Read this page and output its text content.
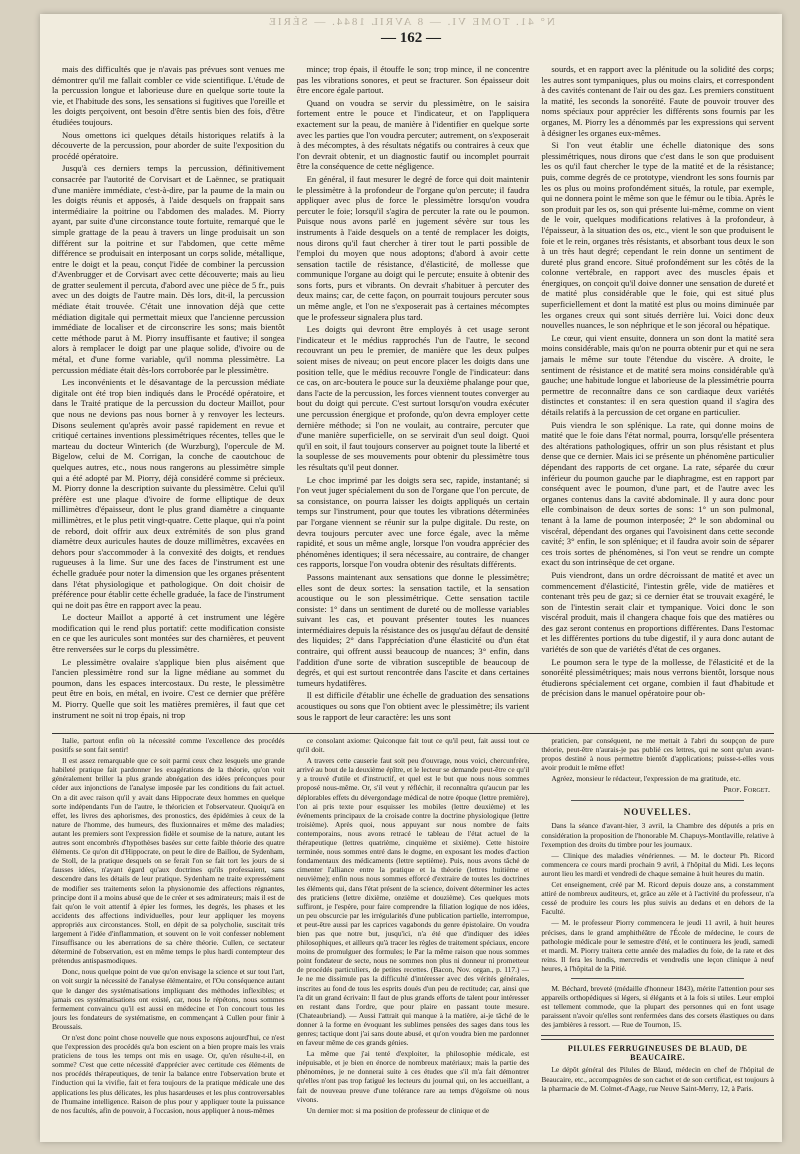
N° 41. TOME VI. — 8 AVRIL 1844. — SÉRIE
— 162 —

mais des difficultés que je n'avais pas prévues sont venues me démontrer qu'il me fallait combler ce vide scientifique. L'étude de la percussion longue et laborieuse dure en quelque sorte toute la vie, et l'habitude des sons, les sensations si fugitives que l'oreille et les doigts perçoivent, ont besoin d'être sentis bien des fois, d'être étudiées toujours.

Nous omettons ici quelques détails historiques relatifs à la découverte de la percussion, pour aborder de suite l'exposition du procédé opératoire.

Jusqu'à ces derniers temps la percussion, définitivement consacrée par l'autorité de Corvisart et de Laënnec, se pratiquait d'une manière immédiate, c'est-à-dire, par la paume de la main ou les doigts réunis et apposés, à l'aide desquels on frappait sans intermédiaire la poitrine ou l'abdomen des malades. M. Piorry ayant, par suite d'une circonstance toute fortuite, remarqué que le simple grattage de la peau à travers un linge produisait un son différent sur la poitrine et sur l'abdomen, que cette même différence se produisait en interposant un corps solide, métallique, entre le doigt et la peau, conçut l'idée de combiner la percussion d'Avenbrugger et de Corvisart avec cette découverte; mais au lieu de gratter seulement il percuta, d'abord avec une pièce de 5 fr., puis avec un des doigts de l'autre main. Dès lors, dit-il, la percussion médiate était trouvée. C'était une innovation déjà que cette médiation digitale qui permettait mieux que l'ancienne percussion immédiate de localiser et de circonscrire les sons; mais bientôt cette méthode parut à M. Piorry insuffisante et fautive; il songea alors à remplacer le doigt par une plaque solide, d'ivoire ou de métal, et d'une forme variable, qu'il nomma plessimètre. La percussion médiate était dès-lors corroborée par le plessimètre.

Les inconvénients et le désavantage de la percussion médiate digitale ont été trop bien indiqués dans le Procédé opératoire, et dans le Traité pratique de la percussion du docteur Maillot, pour que nous ne devions pas nous borner à y renvoyer les lecteurs. Disons seulement qu'après avoir passé rapidement en revue et critiqué certaines inventions plessimétriques récentes, telles que le marteau du docteur Winterich (de Wurzburg), l'opercule de M. Bigelow, celui de M. Corrigan, la conche de caoutchouc de quelques autres, etc., nous nous rangerons au plessimètre simple qui a été adopté par M. Piorry, déjà considéré comme si précieux. M. Piorry donne la description suivante du plessimètre. Celui qu'il préfère est une plaque d'ivoire de forme elliptique de deux millimètres d'épaisseur, dont le plus grand diamètre a cinquante millimètres, et le plus petit vingt-quatre. Cette plaque, qui n'a point de rebord, doit offrir aux deux extrémités de son plus grand diamètre deux auricules hautes de douze millimètres, excavées en dehors pour s'accommoder à la convexité des doigts, et rendues rugueuses à la lime. Sur une des faces de l'instrument est une échelle graduée pour noter la dimension que les organes présentent dans l'état physiologique et pathologique. On doit choisir de préférence pour établir cette échelle graduée, la face de l'instrument qui ne doit pas être en rapport avec la peau.

Le docteur Maillot a apporté à cet instrument une légère modification qui le rend plus portatif: cette modification consiste en ce que les auricules sont montées sur des charnières, et peuvent être renversées sur le corps du plessimètre.

Le plessimètre ovalaire s'applique bien plus aisément que l'ancien plessimètre rond sur la ligne médiane au sommet du poumon, dans les espaces intercostaux. Du reste, le plessimètre peut être en bois, en métal, en ivoire. C'est ce dernier que préfère M. Piorry. Quelle que soit les matières premières, il faut que cet instrument ne soit ni trop épais, ni trop

mince; trop épais, il étouffe le son; trop mince, il ne concentre pas les vibrations sonores, et peut se fracturer. Son épaisseur doit être encore égale partout.

Quand on voudra se servir du plessimètre, on le saisira fortement entre le pouce et l'indicateur, et on l'appliquera exactement sur la peau, de manière à l'identifier en quelque sorte avec les parties que l'on voudra percuter; autrement, on s'exposerait à des mécomptes, à des résultats négatifs ou contraires à ceux que l'on devrait obtenir, et un diagnostic fautif ou incomplet pourrait être la conséquence de cette négligence.

En général, il faut mesurer le degré de force qui doit maintenir le plessimètre à la profondeur de l'organe qu'on percute; il faudra appliquer avec plus de force le plessimètre lorsqu'on voudra percuter le foie; lorsqu'il s'agira de percuter la rate ou le poumon. Puisque nous avons parlé en jugement sévère sur tous les instruments à l'aide desquels on a tenté de remplacer les doigts, nous dirons qu'il faut chercher à tirer tout le parti possible de l'emploi du moyen que nous adoptons; d'abord à avoir cette sensation tactile de résistance, d'élasticité, de mollesse que communique l'organe au doigt qui le percute; ensuite à obtenir des sons forts, purs et vibrants. On devrait s'habituer à percuter des deux mains; car, de cette façon, on pourrait toujours percuter sous un même angle, et l'on ne s'exposerait pas à certaines mécomptes que le professeur signalera plus tard.

Les doigts qui devront être employés à cet usage seront l'indicateur et le médius rapprochés l'un de l'autre, le second recouvrant un peu le premier, de manière que les deux pulpes soient mises de niveau; on peut encore placer les doigts dans une position telle, que le médius recouvre l'ongle de l'indicateur: dans ce cas, on arc-boutera le pouce sur la deuxième phalange pour que, dans l'acte de la percussion, les forces viennent toutes converger au bout du doigt qui percute. C'est surtout lorsqu'on voudra exécuter une percussion énergique et profonde, qu'on devra employer cette dernière méthode; si l'on ne voulait, au contraire, percuter que d'une manière superficielle, on se servirait d'un seul doigt. Quoi qu'il en soit, il faut toujours conserver au poignet toute la liberté et la souplesse de ses mouvements pour obtenir du plessimètre tous les résultats qu'il peut donner.

Le choc imprimé par les doigts sera sec, rapide, instantané; si l'on veut juger spécialement du son de l'organe que l'on percute, de sa consistance, on pourra laisser les doigts appliqués un certain temps sur l'instrument, pour que toutes les vibrations déterminées par l'organe viennent se réunir sur la pulpe digitale. Du reste, on devra toujours percuter avec une force égale, avec la même rapidité, et sous un même angle, lorsque l'on voudra apprécier des phénomènes identiques; il sera nécessaire, au contraire, de changer ces rapports, lorsque l'on voudra obtenir des résultats différents.

Passons maintenant aux sensations que donne le plessimètre; elles sont de deux sortes: la sensation tactile, et la sensation acoustique ou le son plessimétrique. Cette sensation tactile consiste: 1° dans un sentiment de dureté ou de mollesse variables suivant les cas, et pouvant présenter toutes les nuances intermédiaires depuis la résistance des os jusqu'au défaut de densité des liquides; 2° dans l'appréciation d'une élasticité ou d'un état contraire, qui offrent aussi beaucoup de nuances; 3° enfin, dans l'addition d'une sorte de vibration susceptible de beaucoup de degrés, et qui est surtout rencontrée dans l'ascite et dans certaines tumeurs hydatifères.

Il est difficile d'établir une échelle de graduation des sensations acoustiques ou sons que l'on obtient avec le plessimètre; ils varient sous le rapport de leur caractère: les uns sont

sourds, et en rapport avec la plénitude ou la solidité des corps; les autres sont tympaniques, plus ou moins clairs, et correspondent à des cavités contenant de l'air ou des gaz. Les premiers constituent la matité, les seconds la sonoréité. Faute de pouvoir trouver des noms spéciaux pour apprécier les différents sons fournis par les organes, M. Piorry les a dénommés par les expressions qui servent à désigner les organes eux-mêmes.

Si l'on veut établir une échelle diatonique des sons plessimétriques, nous dirons que c'est dans le son que produisent les os qu'il faut chercher le type de la matité et de la résistance; puis, comme degrés de ce prototype, viendront les sons fournis par les os plus ou moins profondément situés, la rotule, par exemple, qui ne donnera point le même son que le fémur ou le tibia. Après le son produit par les os, son qui présente lui-même, comme on vient de le voir, quelques modifications relatives à la profondeur, à l'épaisseur, à la situation des os, etc., vient le son que produisent le foie et le rein, organes très résistants, et absorbant tous deux le son à un très haut degré; cependant le rein donne un sentiment de dureté plus grand encore. Situé profondément sur les côtés de la colonne vertébrale, en rapport avec des muscles épais et énergiques, on conçoit qu'il doive donner une sensation de dureté et de matité plus considérable que le foie, qui est situé plus superficiellement et dont la matité est plus ou moins diminuée par les organes creux qui sont situés derrière lui. Voici donc deux nouvelles nuances, le son néphrique et le son jécoral ou hépatique.

Le cœur, qui vient ensuite, donnera un son dont la matité sera moins considérable, mais qu'on ne pourra obtenir pur et qui ne sera jamais le même sur toute l'étendue du viscère. A droite, le sentiment de résistance et de matité sera moins considérable qu'à gauche; une habitude longue et laborieuse de la plessimétrie pourra permettre de reconnaître dans ce son cardiaque deux variétés distinctes et constantes: il en sera question quand il s'agira des détails relatifs à la percussion de cet organe en particulier.

Puis viendra le son splénique. La rate, qui donne moins de matité que le foie dans l'état normal, pourra, lorsqu'elle présentera des altérations pathologiques, offrir un son plus résistant et plus dense que ce dernier. Mais ici se présente un phénomène particulier dépendant des rapports de cet organe. La rate, séparée du cœur inférieur du poumon gauche par le diaphragme, est en rapport par conséquent avec le poumon, d'une part, et de l'autre avec les organes contenus dans la cavité abdominale. Il y aura donc pour elle combinaison de deux sortes de sons: 1° un son pulmonal, tenant à la lame de poumon interposée; 2° le son abdominal ou viscéral, dépendant des organes qui l'avoisinent dans cette seconde cavité; 3° enfin, le son splénique; et il faudra avoir soin de séparer ces trois sortes de phénomènes, si l'on veut se rendre un compte exact du son intrinsèque de cet organe.

Puis viendront, dans un ordre décroissant de matité et avec un commencement d'élasticité, l'intestin grêle, vide de matières et contenant très peu de gaz; si ce dernier état se trouvait exagéré, le son de l'intestin serait clair et tympanique. Voici donc le son viscéral produit, mais il changera chaque fois que des matières ou des gaz seront contenus en proportions différentes. Dans l'estomac et les différentes portions du tube digestif, il y aura donc autant de variétés de son que de variétés d'état de ces organes.

Le poumon sera le type de la mollesse, de l'élasticité et de la sonoréité plessimétriques; mais nous verrons bientôt, lorsque nous étudierons spécialement cet organe, combien il faut d'habitude et de précision dans le manuel opératoire pour ob-

Italie, partout enfin où la nécessité comme l'excellence des procédés positifs se sont fait sentir!

Il est assez remarquable que ce soit parmi ceux chez lesquels une grande habileté pratique fait pardonner les exagérations de la théorie, qu'on voit généralement briller la plus grande abnégation des idées préconçues pour céder aux injonctions de l'analyse imposée par les conditions du fait actuel. On a dit avec raison qu'il y avait dans Hippocrate deux hommes en quelque sorte indépendants l'un de l'autre, le théoricien et l'observateur. Quoiqu'à en effet, les livres des aphorismes, des pronostics, des épidémies à ceux de la nature de l'homme, des humeurs, des fluxionnaires et même des maladies; autant les premiers sont l'expression fidèle et soumise de la nature, autant les autres sont encombrés d'hypothèses basées sur cette faible théorie des quatre éléments. Ce qu'on dit d'Hippocrate, on peut le dire de Baillou, de Sydenham, de Stoll, de la pratique desquels on se ferait l'on se fait tort les jours de si fausses idées, n'ayant égard qu'aux doctrines qu'ils professaient, sans descendre dans les détails de leur pratique. Sydenham ne traite expressément de modifier ses traitements selon la physionomie des affections régnantes, principe dont il a moins abusé que de le créer et ses admirateurs; mais il est de fait qu'on le voit attentif à épier les formes, les degrés, les phases et les accidents des affections individuelles, pour leur appliquer les moyens appropriés aux circonstances. Stoll, en dépit de sa polycholie, suscitait très largement à l'idée d'inflammation, et souvent on le voit confesser noblement l'insuffisance ou les aberrations de sa chère théorie. Cullen, ce sectateur déterminé de l'observation, est en même temps le plus hardi contempteur des prétendus antispasmodiques.

Donc, nous quelque point de vue qu'on envisage la science et sur tout l'art, on voit surgir la nécessité de l'analyse élémentaire, et l'Ou conséquence autant que le danger des systématisations impliquant des méthodes inflexibles; et jamais ces systématisations ont existé, car, nous le répétons, nous sommes fermement convaincu qu'il est aussi en médecine et l'on concourt tous les jours les fondateurs de systématisme, en commençant à Cullen pour finir à Broussais.

Or n'est donc point chose nouvelle que nous exposons aujourd'hui, ce n'est que l'expression des procédés qu'a bon escient on a bien propre mais les vrais praticiens de tous les temps ont mis en usage. Or, qu'en résulte-t-il, en somme? C'est que cette nécessité d'apprécier avec certitude ces éléments de nos procédés thérapeutiques, de tenir la balance entre l'observation brute et l'induction qui la vivifie, fait et fera toujours de la pratique médicale une des applications les plus délicates, les plus hasardeuses et les plus controversables de l'humaine intelligence. Raison de plus pour y appliquer toute la puissance de nos facultés, afin de pouvoir, à l'occasion, nous appliquer à nous-mêmes

ce consolant axiome: Quiconque fait tout ce qu'il peut, fait aussi tout ce qu'il doit.

A travers cette causerie faut soit peu d'ouvrage, nous voici, chercunfrère, arrivé au bout de la deuxième épître, et le lecteur se demande peut-être ce qu'il y a trouvé d'utile et d'instructif, et quel est le but que nous nous sommes proposé nous-même. Or, s'il veut y réfléchir, il reconnaîtra qu'aucun par les déplorables effets du dévergondage médical de notre époque (lettre première), l'on ai pris texte pour esquisser les mobiles (lettre deuxième) et les événements principaux de la croisade contre la doctrine physiologique (lettre troisième). Après quoi, nous appuyant sur nous nombre de faits contemporains, nous avons retracé le tableau de l'état actuel de la thérapeutique (lettres quatrième, cinquième et sixième). Cette histoire terminée, nous sommes entré dans le dogme, en exposant les modes d'action fondamentaux des médicaments (lettre septième). Puis, nous avons tâché de cimenter l'alliance entre la pratique et la théorie (lettres huitième et neuvième); enfin nous nous sommes efforcé d'extraire de toutes les doctrines les éléments qui, dans l'état présent de la science, doivent déterminer les actes des praticiens (lettre dixième, onzième et douzième). Ces quelques mots suffiront, je l'espère, pour faire comprendre la filiation logique de nos idées, un peu obscurcie par les irrégularités d'une publication partielle, interrompue, et peut-être aussi par les caprices vagabonds du genre épistolaire. On voudra bien pas que notre but, jusqu'ici, n'a été que d'indiquer des idées philosophiques, et ailleurs qu'à tracer les règles de traitement spéciaux, encore moins de promulguer des formules; le Par la même raison que nous sommes point fondateur de secte, nous ne sommes non plus ni donneur ni prometteur de procédés particuliers, de petites recettes. (Bacon, Nov. organ., p. 117.) — Je ne me dissimule pas la difficulté d'intéresser avec des vérités générales, inscrites au fond de tous les esprits doués d'un peu de rectitude; car, ainsi que l'a dit un grand écrivain: Il faut de plus grands efforts de talent pour intéresser en restant dans l'ordre, que pour plaire en passant toute mesure. (Chateaubriand). — Aussi l'attrait qui manque à la matière, ai-je tâché de le donner à la forme en évoquant les sublimes pensées des sages dans tous les genres; tactique dont j'ai sans doute abusé, et qu'on voudra bien me pardonner en faveur même de ces grands génies.

La même que j'ai tenté d'exploiter, la philosophie médicale, est inépuisable, et je bien en énorce de nombreux matériaux; mais la partie des phénomènes, je ne donnerai suite à ces études que s'il m'a fait démontrer qu'elles n'ont pas trop fatigué les lecteurs du journal qui, on les accueillant, a fait de nouveau preuve d'une tolérance rare au temps d'égoïsme où nous vivons.

Un dernier mot: si ma position de professeur de clinique et de

praticien, par conséquent, ne me mettait à l'abri du soupçon de pure théorie, peut-être n'aurais-je pas publié ces lettres, qui ne sont qu'un avant-propos destiné à nous permettre bientôt d'applications; puisse-t-elles vous avoir produit le même effet!

Agréez, monsieur le rédacteur, l'expression de ma gratitude, etc.

Prof. Forget.
NOUVELLES.

Dans la séance d'avant-hier, 3 avril, la Chambre des députés a pris en considération la proposition de l'honorable M. Chapuys-Montlaville, relative à l'exemption des droits du timbre pour les journaux.

— Clinique des maladies vénériennes. — M. le docteur Ph. Ricord commencera ce cours mardi prochain 9 avril, à l'hôpital du Midi. Les leçons auront lieu les mardi et vendredi de chaque semaine à huit heures du matin.

Cet enseignement, créé par M. Ricord depuis douze ans, a constamment attiré de nombreux auditeurs, et, grâce au zèle et à l'activité du professeur, n'a cessé de produire les cours les plus suivis au dedans et en dehors de la Faculté.

— M. le professeur Piorry commencera le jeudi 11 avril, à huit heures précises, dans le grand amphithéâtre de l'École de médecine, le cours de pathologie médicale pour le semestre d'été, et le continuera les jeudi, samedi et mardi. M. Piorry traitera cette année des maladies du foie, de la rate et des reins. Il fera les lundis, mercredis et vendredis une leçon clinique à neuf heures, à l'hôpital de la Pitié.

M. Béchard, breveté (médaille d'honneur 1843), mérite l'attention pour ses appareils orthopédiques si légers, si élégants et à la fois si utiles. Leur emploi est tellement commode, que la plupart des personnes qui en font usage paraissent n'avoir qu'elles sont renfermées dans des corsets élastiques ou dans des jambières à ressort. — Rue de Tournon, 15.

PILULES FERRUGINEUSES DE BLAUD, DE BEAUCAIRE.

Le dépôt général des Pilules de Blaud, médecin en chef de l'hôpital de Beaucaire, etc., accompagnées de son cachet et de son certificat, est toujours à la pharmacie de M. Colmet-d'Aage, rue Neuve Saint-Merry, 12, à Paris.
